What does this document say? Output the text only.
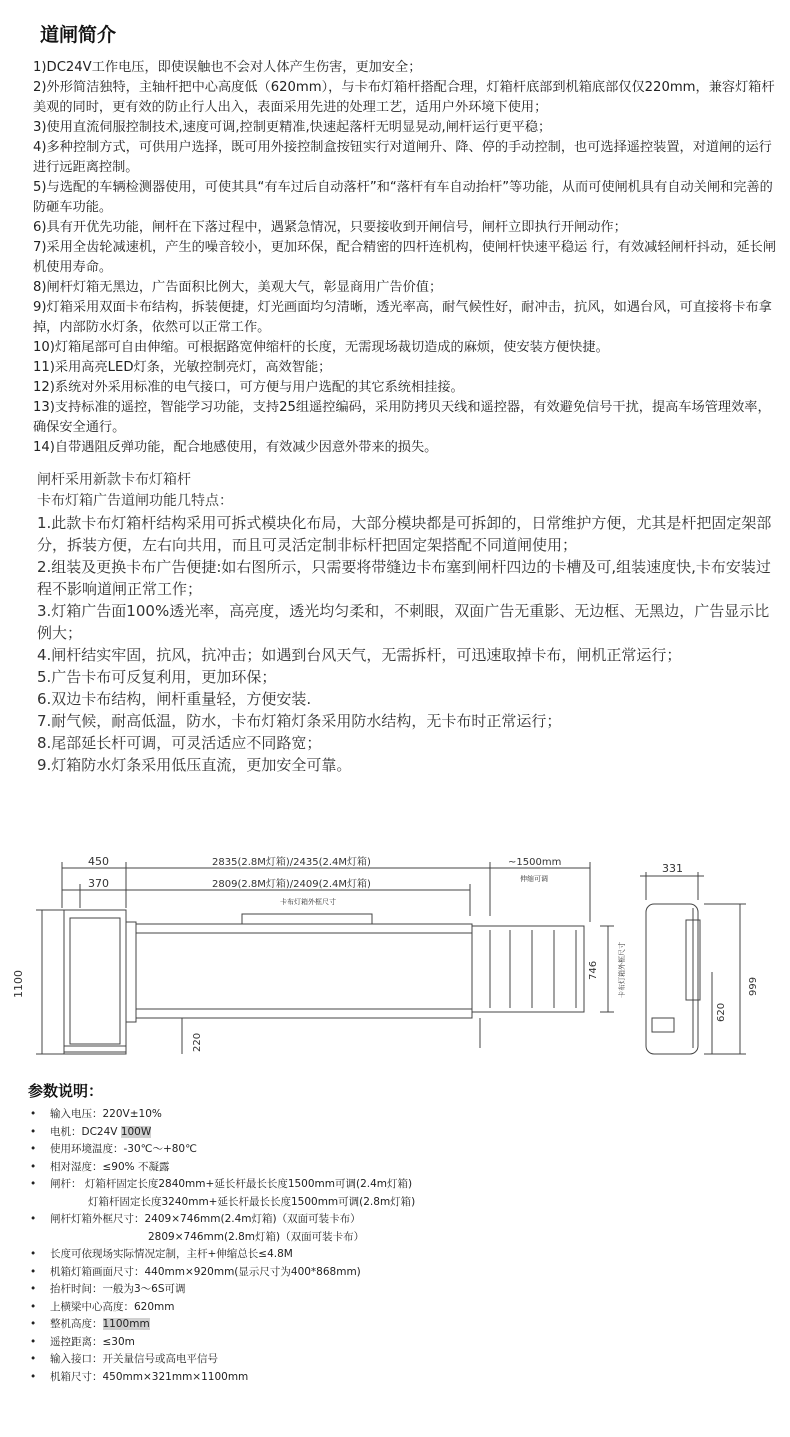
道闸简介

1)DC24V工作电压，即使误触也不会对人体产生伤害，更加安全；

2)外形简洁独特，主轴杆把中心高度低（620mm），与卡布灯箱杆搭配合理，灯箱杆底部到机箱底部仅仅220mm，兼容灯箱杆美观的同时，更有效的防止行人出入，表面采用先进的处理工艺，适用户外环境下使用；

3)使用直流伺服控制技术,速度可调,控制更精准,快速起落杆无明显晃动,闸杆运行更平稳；

4)多种控制方式，可供用户选择，既可用外接控制盒按钮实行对道闸升、降、停的手动控制，也可选择遥控装置，对道闸的运行进行远距离控制。

5)与选配的车辆检测器使用，可使其具“有车过后自动落杆”和“落杆有车自动抬杆”等功能，从而可使闸机具有自动关闸和完善的防砸车功能。

6)具有开优先功能，闸杆在下落过程中，遇紧急情况，只要接收到开闸信号，闸杆立即执行开闸动作；

7)采用全齿轮减速机，产生的噪音较小，更加环保，配合精密的四杆连机构，使闸杆快速平稳运 行，有效减轻闸杆抖动，延长闸机使用寿命。

8)闸杆灯箱无黑边，广告面积比例大，美观大气，彰显商用广告价值；

9)灯箱采用双面卡布结构，拆装便捷，灯光画面均匀清晰，透光率高，耐气候性好，耐冲击，抗风，如遇台风，可直接将卡布拿掉，内部防水灯条，依然可以正常工作。

10)灯箱尾部可自由伸缩。可根据路宽伸缩杆的长度，无需现场裁切造成的麻烦，使安装方便快捷。

11)采用高亮LED灯条，光敏控制亮灯，高效智能；

12)系统对外采用标准的电气接口，可方便与用户选配的其它系统相挂接。

13)支持标准的遥控，智能学习功能，支持25组遥控编码，采用防拷贝天线和遥控器，有效避免信号干扰，提高车场管理效率，确保安全通行。

14)自带遇阻反弹功能，配合地感使用，有效减少因意外带来的损失。

闸杆采用新款卡布灯箱杆
卡布灯箱广告道闸功能几特点：

1.此款卡布灯箱杆结构采用可拆式模块化布局，大部分模块都是可拆卸的，日常维护方便，尤其是杆把固定架部分，拆装方便，左右向共用，而且可灵活定制非标杆把固定架搭配不同道闸使用；

2.组装及更换卡布广告便捷:如右图所示，只需要将带缝边卡布塞到闸杆四边的卡槽及可,组装速度快,卡布安装过程不影响道闸正常工作；

3.灯箱广告面100%透光率，高亮度，透光均匀柔和，不刺眼，双面广告无重影、无边框、无黑边，广告显示比例大；

4.闸杆结实牢固，抗风，抗冲击；如遇到台风天气，无需拆杆，可迅速取掉卡布，闸机正常运行；

5.广告卡布可反复利用，更加环保；

6.双边卡布结构，闸杆重量轻，方便安装.

7.耐气候，耐高低温，防水，卡布灯箱灯条采用防水结构，无卡布时正常运行；

8.尾部延长杆可调，可灵活适应不同路宽；

9.灯箱防水灯条采用低压直流，更加安全可靠。

450
370
2835(2.8M灯箱)/2435(2.4M灯箱)
2809(2.8M灯箱)/2409(2.4M灯箱)
~1500mm
伸缩可调
卡布灯箱外框尺寸
1100
220
746	卡布灯箱外框尺寸
331
620
999
参数说明：
• 输入电压：220V±10%
• 电机：DC24V 100W
• 使用环境温度：-30℃～+80℃
• 相对湿度：≤90% 不凝露
• 闸杆： 灯箱杆固定长度2840mm+延长杆最长长度1500mm可调(2.4m灯箱)
灯箱杆固定长度3240mm+延长杆最长长度1500mm可调(2.8m灯箱)
• 闸杆灯箱外框尺寸：2409×746mm(2.4m灯箱)（双面可装卡布）
2809×746mm(2.8m灯箱)（双面可装卡布）
• 长度可依现场实际情况定制，主杆+伸缩总长≤4.8M
• 机箱灯箱画面尺寸：440mm×920mm(显示尺寸为400*868mm)
• 抬杆时间：一般为3～6S可调
• 上横梁中心高度：620mm
• 整机高度：1100mm
• 遥控距离：≤30m
• 输入接口：开关量信号或高电平信号
• 机箱尺寸：450mm×321mm×1100mm
